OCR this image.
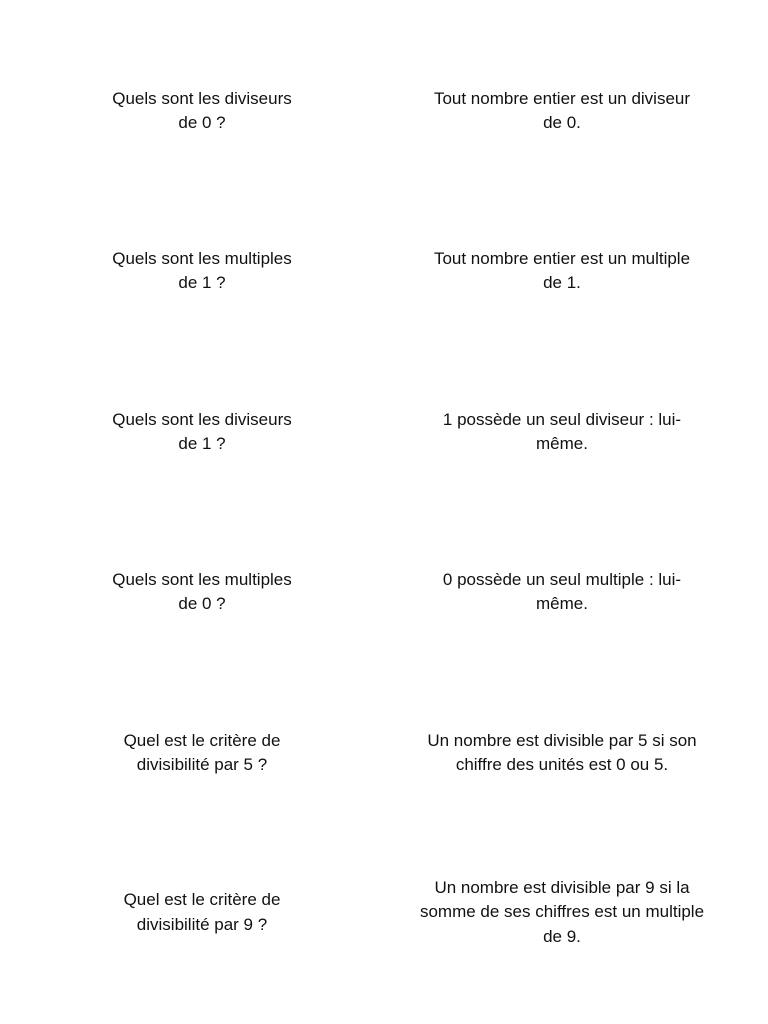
Quels sont les diviseurs
de 0 ?
Tout nombre entier est un diviseur
de 0.
Quels sont les multiples
de 1 ?
Tout nombre entier est un multiple
de 1.
Quels sont les diviseurs
de 1 ?
1 possède un seul diviseur : lui-
même.
Quels sont les multiples
de 0 ?
0 possède un seul multiple : lui-
même.
Quel est le critère de
divisibilité par 5 ?
Un nombre est divisible par 5 si son
chiffre des unités est 0 ou 5.
Quel est le critère de
divisibilité par 9 ?
Un nombre est divisible par 9 si la
somme de ses chiffres est un multiple
de 9.
